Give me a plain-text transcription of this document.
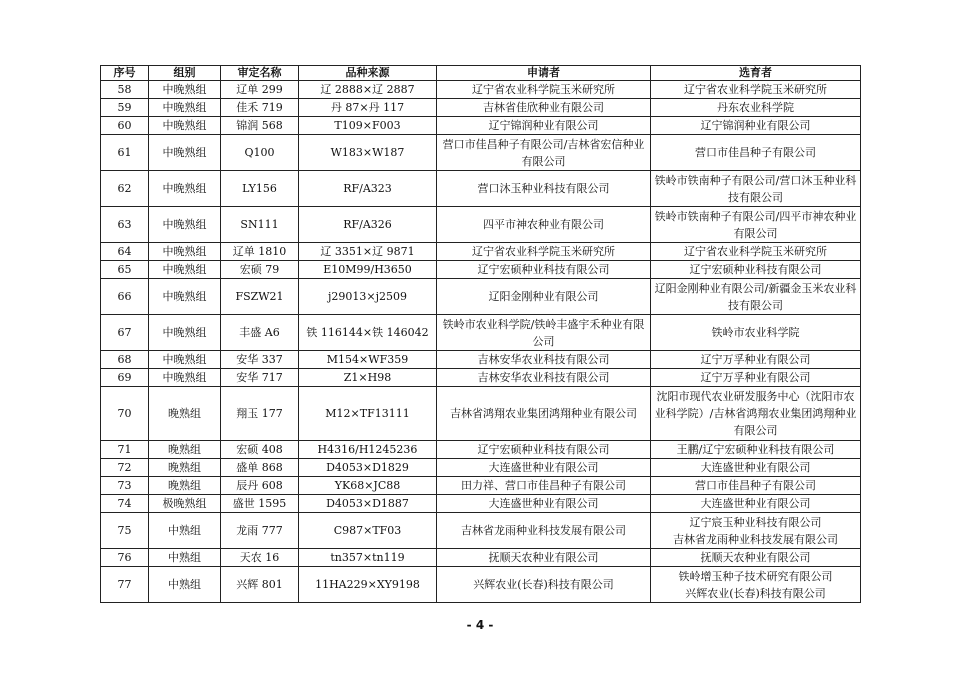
序号	组别	审定名称	品种来源	申请者	选育者
58	中晚熟组	辽单 299	辽 2888×辽 2887	辽宁省农业科学院玉米研究所	辽宁省农业科学院玉米研究所
59	中晚熟组	佳禾 719	丹 87×丹 117	吉林省佳欣种业有限公司	丹东农业科学院
60	中晚熟组	锦润 568	T109×F003	辽宁锦润种业有限公司	辽宁锦润种业有限公司
61	中晚熟组	Q100	W183×W187	营口市佳昌种子有限公司/吉林省宏信种业有限公司	营口市佳昌种子有限公司
62	中晚熟组	LY156	RF/A323	营口沐玉种业科技有限公司	铁岭市铁南种子有限公司/营口沐玉种业科技有限公司
63	中晚熟组	SN111	RF/A326	四平市神农种业有限公司	铁岭市铁南种子有限公司/四平市神农种业有限公司
64	中晚熟组	辽单 1810	辽 3351×辽 9871	辽宁省农业科学院玉米研究所	辽宁省农业科学院玉米研究所
65	中晚熟组	宏硕 79	E10M99/H3650	辽宁宏硕种业科技有限公司	辽宁宏硕种业科技有限公司
66	中晚熟组	FSZW21	j29013×j2509	辽阳金刚种业有限公司	辽阳金刚种业有限公司/新疆金玉米农业科技有限公司
67	中晚熟组	丰盛 A6	铁 116144×铁 146042	铁岭市农业科学院/铁岭丰盛宇禾种业有限公司	铁岭市农业科学院
68	中晚熟组	安华 337	M154×WF359	吉林安华农业科技有限公司	辽宁万孚种业有限公司
69	中晚熟组	安华 717	Z1×H98	吉林安华农业科技有限公司	辽宁万孚种业有限公司
70	晚熟组	翔玉 177	M12×TF13111	吉林省鸿翔农业集团鸿翔种业有限公司	沈阳市现代农业研发服务中心（沈阳市农业科学院）/吉林省鸿翔农业集团鸿翔种业有限公司
71	晚熟组	宏硕 408	H4316/H1245236	辽宁宏硕种业科技有限公司	王鹏/辽宁宏硕种业科技有限公司
72	晚熟组	盛单 868	D4053×D1829	大连盛世种业有限公司	大连盛世种业有限公司
73	晚熟组	辰丹 608	YK68×JC88	田力祥、营口市佳昌种子有限公司	营口市佳昌种子有限公司
74	极晚熟组	盛世 1595	D4053×D1887	大连盛世种业有限公司	大连盛世种业有限公司
75	中熟组	龙雨 777	C987×TF03	吉林省龙雨种业科技发展有限公司	辽宁宸玉种业科技有限公司
吉林省龙雨种业科技发展有限公司
76	中熟组	天农 16	tn357×tn119	抚顺天农种业有限公司	抚顺天农种业有限公司
77	中熟组	兴辉 801	11HA229×XY9198	兴辉农业(长春)科技有限公司	铁岭增玉种子技术研究有限公司
兴辉农业(长春)科技有限公司
- 4 -
